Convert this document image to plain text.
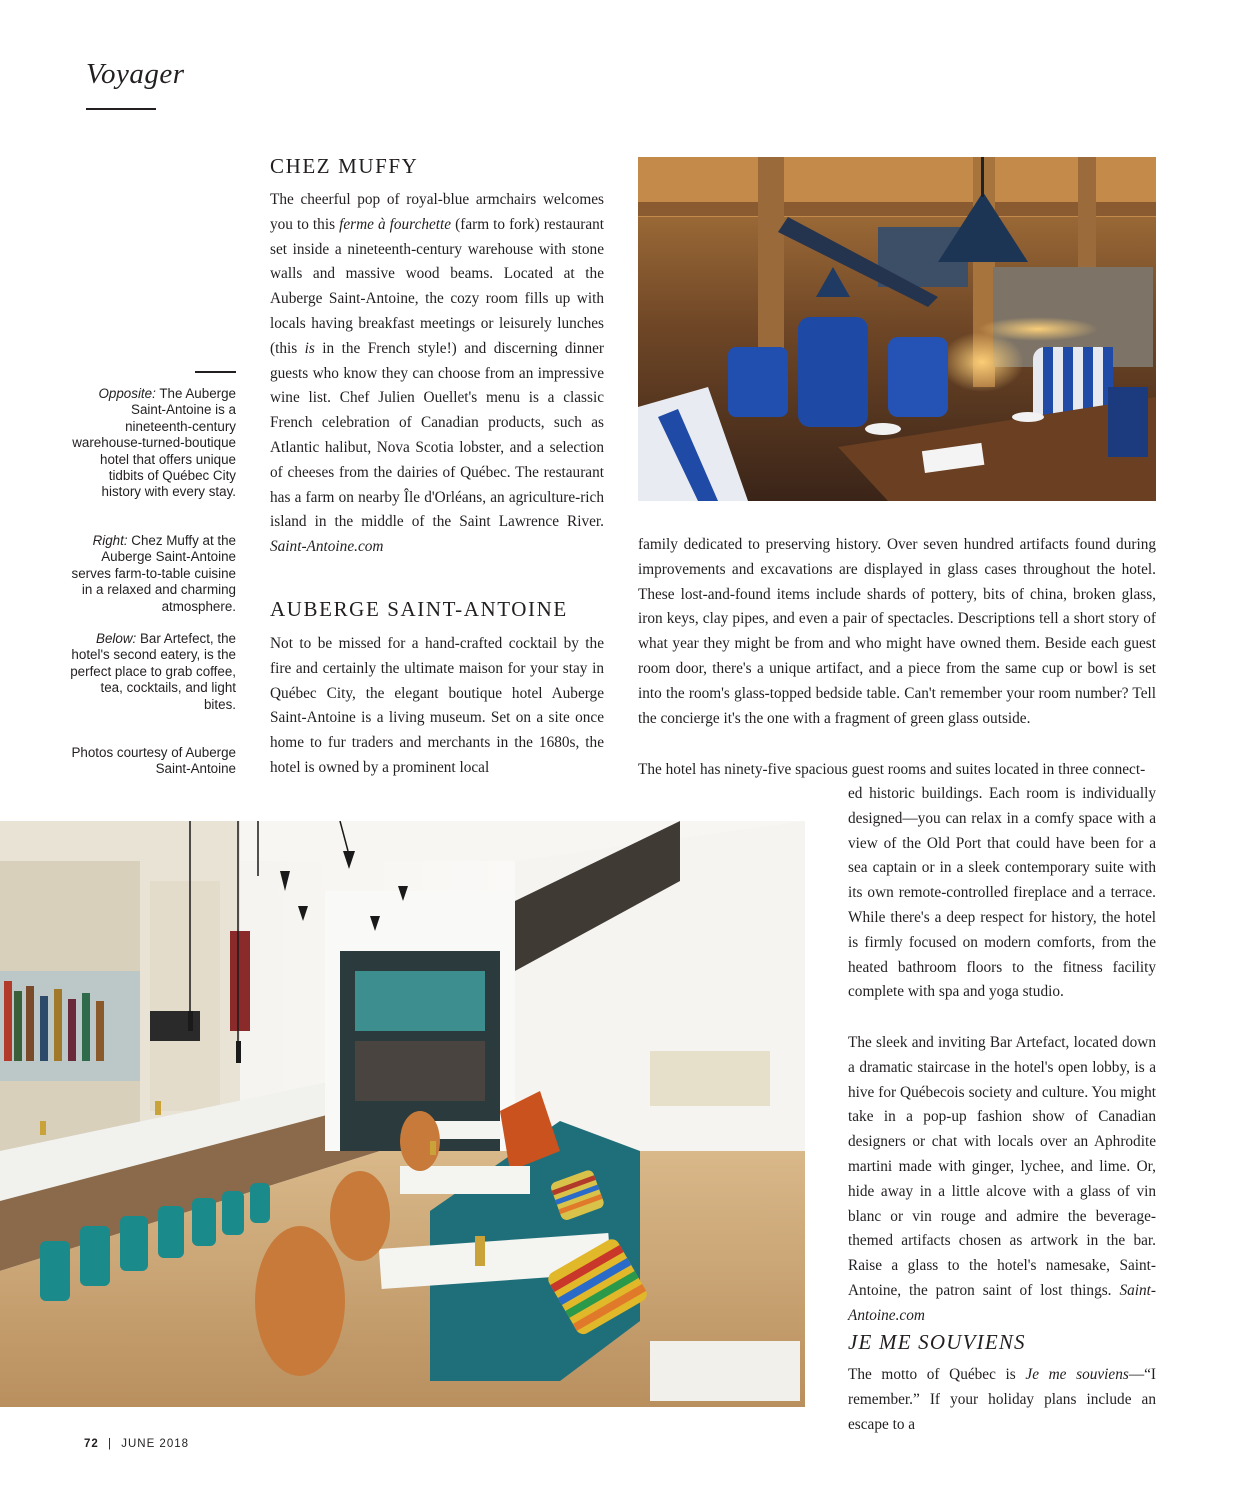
Voyager
Opposite: The Auberge Saint-Antoine is a nineteenth-century warehouse-turned-boutique hotel that offers unique tidbits of Québec City history with every stay.
Right: Chez Muffy at the Auberge Saint-Antoine serves farm-to-table cuisine in a relaxed and charming atmosphere.
Below: Bar Artefect, the hotel's second eatery, is the perfect place to grab coffee, tea, cocktails, and light bites.
Photos courtesy of Auberge Saint-Antoine
CHEZ MUFFY
The cheerful pop of royal-blue armchairs welcomes you to this ferme à fourchette (farm to fork) restaurant set inside a nineteenth-century warehouse with stone walls and massive wood beams. Located at the Auberge Saint-Antoine, the cozy room fills up with locals having breakfast meetings or leisurely lunches (this is in the French style!) and discerning dinner guests who know they can choose from an impressive wine list. Chef Julien Ouellet's menu is a classic French celebration of Canadian products, such as Atlantic halibut, Nova Scotia lobster, and a selection of cheeses from the dairies of Québec. The restaurant has a farm on nearby Île d'Orléans, an agriculture-rich island in the middle of the Saint Lawrence River. Saint-Antoine.com
AUBERGE SAINT-ANTOINE
Not to be missed for a hand-crafted cocktail by the fire and certainly the ultimate maison for your stay in Québec City, the elegant boutique hotel Auberge Saint-Antoine is a living museum. Set on a site once home to fur traders and merchants in the 1680s, the hotel is owned by a prominent local
family dedicated to preserving history. Over seven hundred artifacts found during improvements and excavations are displayed in glass cases throughout the hotel. These lost-and-found items include shards of pottery, bits of china, broken glass, iron keys, clay pipes, and even a pair of spectacles. Descriptions tell a short story of what year they might be from and who might have owned them. Beside each guest room door, there's a unique artifact, and a piece from the same cup or bowl is set into the room's glass-topped bedside table. Can't remember your room number? Tell the concierge it's the one with a fragment of green glass outside.
The hotel has ninety-five spacious guest rooms and suites located in three connect-
ed historic buildings. Each room is individually designed—you can relax in a comfy space with a view of the Old Port that could have been for a sea captain or in a sleek contemporary suite with its own remote-controlled fireplace and a terrace. While there's a deep respect for history, the hotel is firmly focused on modern comforts, from the heated bathroom floors to the fitness facility complete with spa and yoga studio.
The sleek and inviting Bar Artefact, located down a dramatic staircase in the hotel's open lobby, is a hive for Québecois society and culture. You might take in a pop-up fashion show of Canadian designers or chat with locals over an Aphrodite martini made with ginger, lychee, and lime. Or, hide away in a little alcove with a glass of vin blanc or vin rouge and admire the beverage-themed artifacts chosen as artwork in the bar. Raise a glass to the hotel's namesake, Saint-Antoine, the patron saint of lost things. Saint-Antoine.com
JE ME SOUVIENS
The motto of Québec is Je me souviens—“I remember.” If your holiday plans include an escape to a
72 | JUNE 2018
